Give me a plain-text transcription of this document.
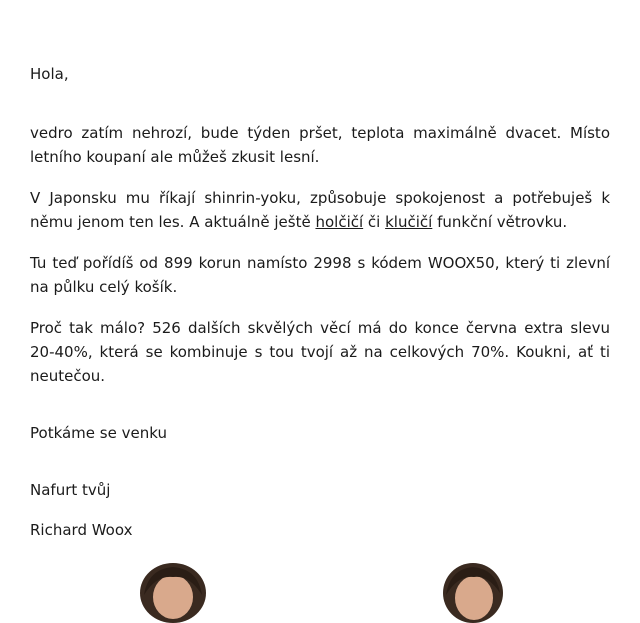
Hola,

vedro zatím nehrozí, bude týden pršet, teplota maximálně dvacet. Místo letního koupaní ale můžeš zkusit lesní.

V Japonsku mu říkají shinrin-yoku, způsobuje spokojenost a potřebuješ k němu jenom ten les. A aktuálně ještě holčičí či klučičí funkční větrovku.

Tu teď pořídíš od 899 korun namísto 2998 s kódem WOOX50, který ti zlevní na půlku celý košík.

Proč tak málo? 526 dalších skvělých věcí má do konce června extra slevu 20-40%, která se kombinuje s tou tvojí až na celkových 70%. Koukni, ať ti neutečou.

Potkáme se venku

Nafurt tvůj

Richard Woox
